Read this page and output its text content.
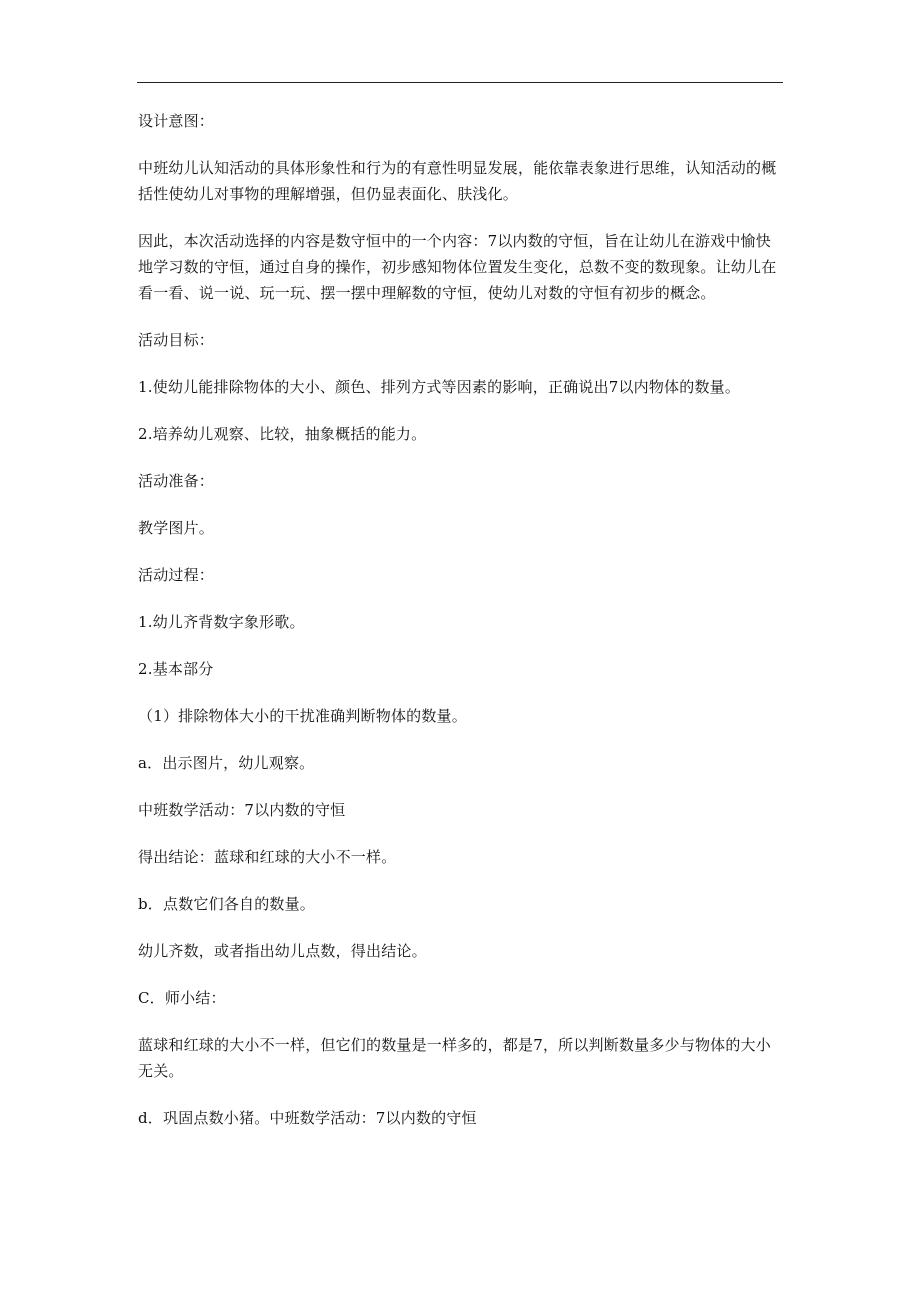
设计意图：

中班幼儿认知活动的具体形象性和行为的有意性明显发展，能依靠表象进行思维，认知活动的概括性使幼儿对事物的理解增强，但仍显表面化、肤浅化。

因此，本次活动选择的内容是数守恒中的一个内容：7以内数的守恒，旨在让幼儿在游戏中愉快地学习数的守恒，通过自身的操作，初步感知物体位置发生变化，总数不变的数现象。让幼儿在看一看、说一说、玩一玩、摆一摆中理解数的守恒，使幼儿对数的守恒有初步的概念。

活动目标：

1.使幼儿能排除物体的大小、颜色、排列方式等因素的影响，正确说出7以内物体的数量。

2.培养幼儿观察、比较，抽象概括的能力。

活动准备：

教学图片。

活动过程：

1.幼儿齐背数字象形歌。

2.基本部分

（1）排除物体大小的干扰准确判断物体的数量。

a．出示图片，幼儿观察。

中班数学活动：7以内数的守恒

得出结论：蓝球和红球的大小不一样。

b．点数它们各自的数量。

幼儿齐数，或者指出幼儿点数，得出结论。

C．师小结：

蓝球和红球的大小不一样，但它们的数量是一样多的，都是7，所以判断数量多少与物体的大小无关。

d．巩固点数小猪。中班数学活动：7以内数的守恒
